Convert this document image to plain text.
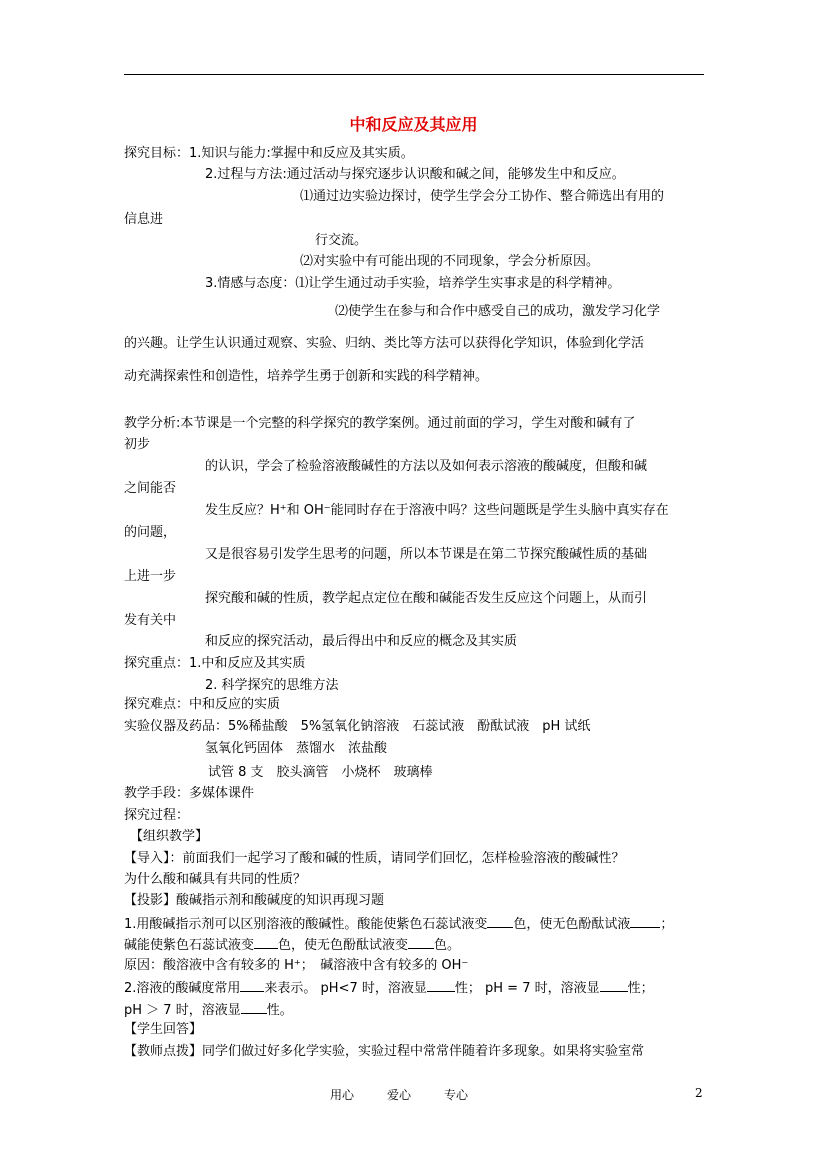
中和反应及其应用
探究目标：1.知识与能力:掌握中和反应及其实质。
2.过程与方法:通过活动与探究逐步认识酸和碱之间，能够发生中和反应。
⑴通过边实验边探讨，使学生学会分工协作、整合筛选出有用的
信息进
行交流。
⑵对实验中有可能出现的不同现象，学会分析原因。
3.情感与态度：⑴让学生通过动手实验，培养学生实事求是的科学精神。
⑵使学生在参与和合作中感受自己的成功，激发学习化学
的兴趣。让学生认识通过观察、实验、归纳、类比等方法可以获得化学知识，体验到化学活
动充满探索性和创造性，培养学生勇于创新和实践的科学精神。
教学分析:本节课是一个完整的科学探究的教学案例。通过前面的学习，学生对酸和碱有了
初步
的认识，学会了检验溶液酸碱性的方法以及如何表示溶液的酸碱度，但酸和碱
之间能否
发生反应？H⁺和 OH⁻能同时存在于溶液中吗？这些问题既是学生头脑中真实存在
的问题，
又是很容易引发学生思考的问题，所以本节课是在第二节探究酸碱性质的基础
上进一步
探究酸和碱的性质，教学起点定位在酸和碱能否发生反应这个问题上，从而引
发有关中
和反应的探究活动，最后得出中和反应的概念及其实质
探究重点：1.中和反应及其实质
2. 科学探究的思维方法
探究难点：中和反应的实质
实验仪器及药品：5%稀盐酸　5%氢氧化钠溶液　石蕊试液　酚酞试液　pH 试纸
氢氧化钙固体　蒸馏水　浓盐酸
试管 8 支　胶头滴管　小烧杯　玻璃棒
教学手段：多媒体课件
探究过程：
【组织教学】
【导入】：前面我们一起学习了酸和碱的性质，请同学们回忆，怎样检验溶液的酸碱性？
为什么酸和碱具有共同的性质？
【投影】酸碱指示剂和酸碱度的知识再现习题
1.用酸碱指示剂可以区别溶液的酸碱性。酸能使紫色石蕊试液变 色，使无色酚酞试液 ；
碱能使紫色石蕊试液变 色，使无色酚酞试液变 色。
原因：酸溶液中含有较多的 H⁺；　碱溶液中含有较多的 OH⁻
2.溶液的酸碱度常用 来表示。 pH<7 时，溶液显 性； pH = 7 时，溶液显 性；
pH ＞ 7 时，溶液显 性。
【学生回答】
【教师点拨】同学们做过好多化学实验，实验过程中常常伴随着许多现象。如果将实验室常
用心	爱心	专心	2
